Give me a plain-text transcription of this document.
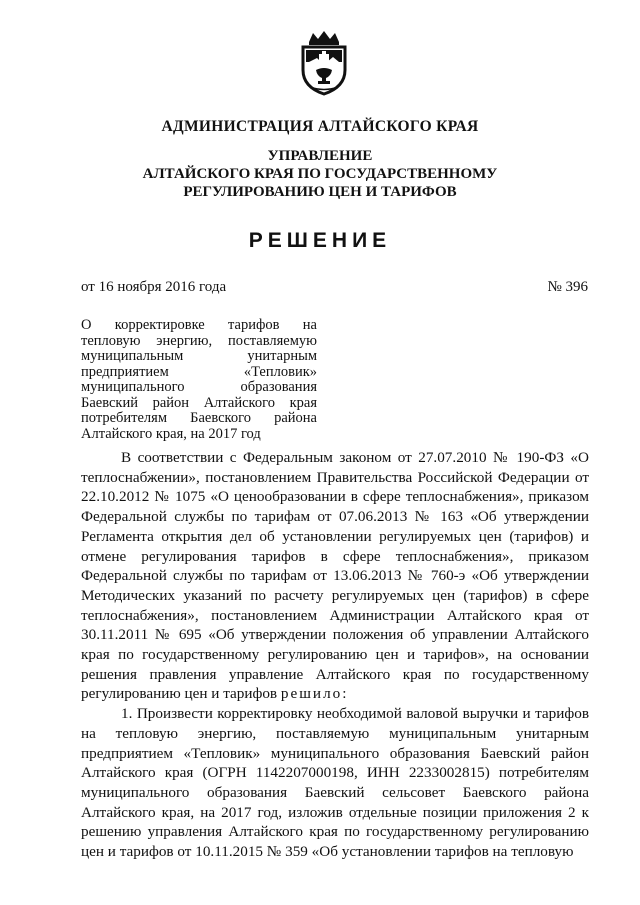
АДМИНИСТРАЦИЯ АЛТАЙСКОГО КРАЯ
УПРАВЛЕНИЕ
АЛТАЙСКОГО КРАЯ ПО ГОСУДАРСТВЕННОМУ
РЕГУЛИРОВАНИЮ ЦЕН И ТАРИФОВ
РЕШЕНИЕ
от 16 ноября 2016 года	№ 396
О корректировке тарифов на тепловую энергию, поставляемую муниципальным унитарным предприятием «Тепловик» муниципального образования Баевский район Алтайского края потребителям Баевского района Алтайского края, на 2017 год

В соответствии с Федеральным законом от 27.07.2010 № 190-ФЗ «О теплоснабжении», постановлением Правительства Российской Федерации от 22.10.2012 № 1075 «О ценообразовании в сфере теплоснабжения», приказом Федеральной службы по тарифам от 07.06.2013 № 163 «Об утверждении Регламента открытия дел об установлении регулируемых цен (тарифов) и отмене регулирования тарифов в сфере теплоснабжения», приказом Федеральной службы по тарифам от 13.06.2013 № 760-э «Об утверждении Методических указаний по расчету регулируемых цен (тарифов) в сфере теплоснабжения», постановлением Администрации Алтайского края от 30.11.2011 № 695 «Об утверждении положения об управлении Алтайского края по государственному регулированию цен и тарифов», на основании решения правления управление Алтайского края по государственному регулированию цен и тарифов решило:

1. Произвести корректировку необходимой валовой выручки и тарифов на тепловую энергию, поставляемую муниципальным унитарным предприятием «Тепловик» муниципального образования Баевский район Алтайского края (ОГРН 1142207000198, ИНН 2233002815) потребителям муниципального образования Баевский сельсовет Баевского района Алтайского края, на 2017 год, изложив отдельные позиции приложения 2 к решению управления Алтайского края по государственному регулированию цен и тарифов от 10.11.2015 № 359 «Об установлении тарифов на тепловую
